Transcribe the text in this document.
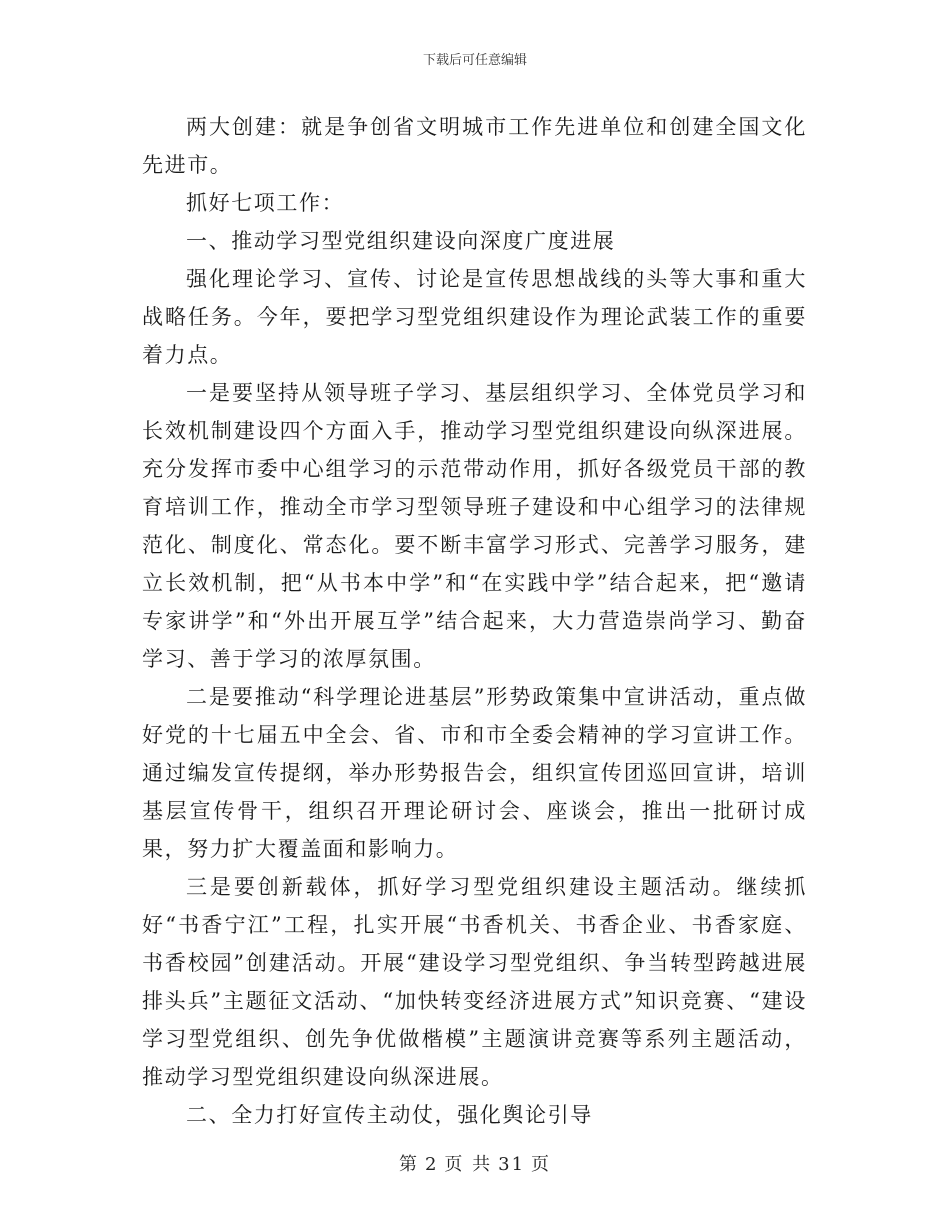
下载后可任意编辑

两大创建：就是争创省文明城市工作先进单位和创建全国文化先进市。

抓好七项工作：

一、推动学习型党组织建设向深度广度进展

强化理论学习、宣传、讨论是宣传思想战线的头等大事和重大战略任务。今年，要把学习型党组织建设作为理论武装工作的重要着力点。

一是要坚持从领导班子学习、基层组织学习、全体党员学习和长效机制建设四个方面入手，推动学习型党组织建设向纵深进展。充分发挥市委中心组学习的示范带动作用，抓好各级党员干部的教育培训工作，推动全市学习型领导班子建设和中心组学习的法律规范化、制度化、常态化。要不断丰富学习形式、完善学习服务，建立长效机制，把“从书本中学”和“在实践中学”结合起来，把“邀请专家讲学”和“外出开展互学”结合起来，大力营造崇尚学习、勤奋学习、善于学习的浓厚氛围。

二是要推动“科学理论进基层”形势政策集中宣讲活动，重点做好党的十七届五中全会、省、市和市全委会精神的学习宣讲工作。通过编发宣传提纲，举办形势报告会，组织宣传团巡回宣讲，培训基层宣传骨干，组织召开理论研讨会、座谈会，推出一批研讨成果，努力扩大覆盖面和影响力。

三是要创新载体，抓好学习型党组织建设主题活动。继续抓好“书香宁江”工程，扎实开展“书香机关、书香企业、书香家庭、书香校园”创建活动。开展“建设学习型党组织、争当转型跨越进展排头兵”主题征文活动、“加快转变经济进展方式”知识竞赛、“建设学习型党组织、创先争优做楷模”主题演讲竞赛等系列主题活动，推动学习型党组织建设向纵深进展。

二、全力打好宣传主动仗，强化舆论引导

第 2 页 共 31 页
